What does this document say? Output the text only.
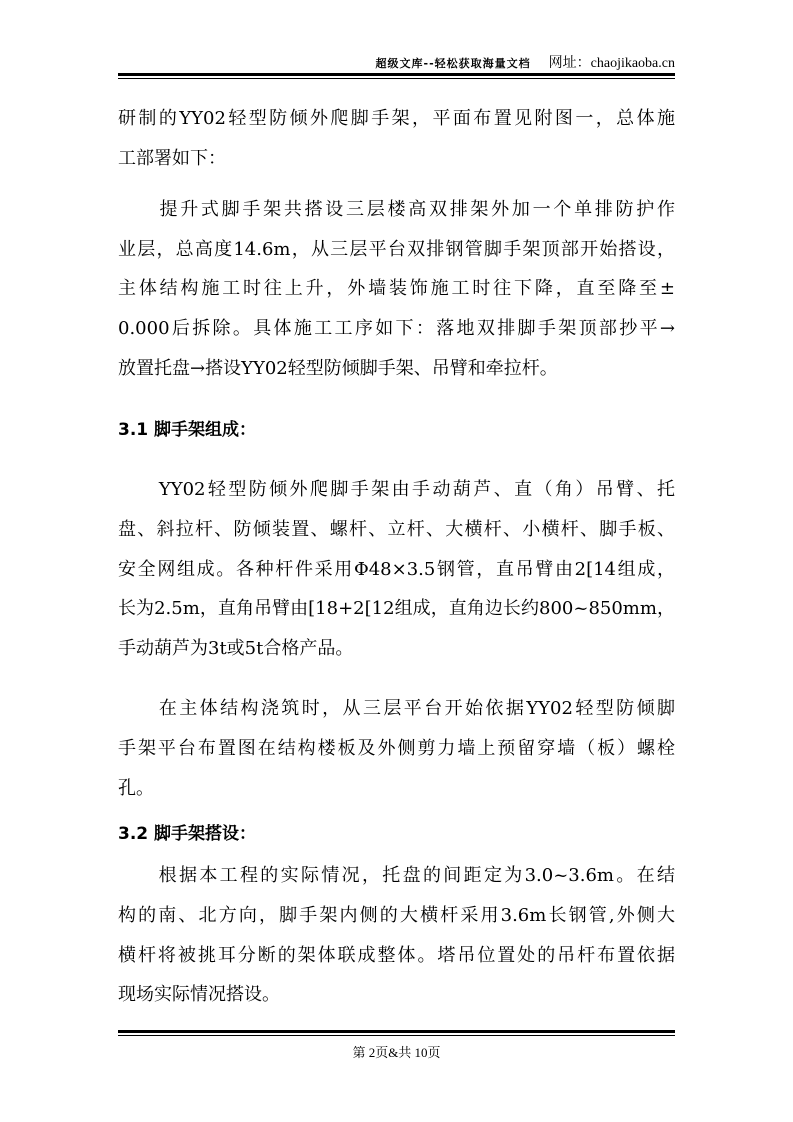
超级文库--轻松获取海量文档 网址：chaojikaoba.cn
研制的YY02轻型防倾外爬脚手架，平面布置见附图一，总体施
工部署如下：
　　提升式脚手架共搭设三层楼高双排架外加一个单排防护作
业层，总高度14.6m，从三层平台双排钢管脚手架顶部开始搭设，
主体结构施工时往上升，外墙装饰施工时往下降，直至降至±
0.000后拆除。具体施工工序如下：落地双排脚手架顶部抄平→
放置托盘→搭设YY02轻型防倾脚手架、吊臂和牵拉杆。
3.1 脚手架组成：
　　YY02轻型防倾外爬脚手架由手动葫芦、直（角）吊臂、托
盘、斜拉杆、防倾装置、螺杆、立杆、大横杆、小横杆、脚手板、
安全网组成。各种杆件采用Φ48×3.5钢管，直吊臂由2[14组成，
长为2.5m，直角吊臂由[18+2[12组成，直角边长约800~850mm，
手动葫芦为3t或5t合格产品。
　　在主体结构浇筑时，从三层平台开始依据YY02轻型防倾脚
手架平台布置图在结构楼板及外侧剪力墙上预留穿墙（板）螺栓
孔。
3.2 脚手架搭设：
　　根据本工程的实际情况，托盘的间距定为3.0~3.6m。在结
构的南、北方向，脚手架内侧的大横杆采用3.6m长钢管,外侧大
横杆将被挑耳分断的架体联成整体。塔吊位置处的吊杆布置依据
现场实际情况搭设。
第 2页&共 10页
